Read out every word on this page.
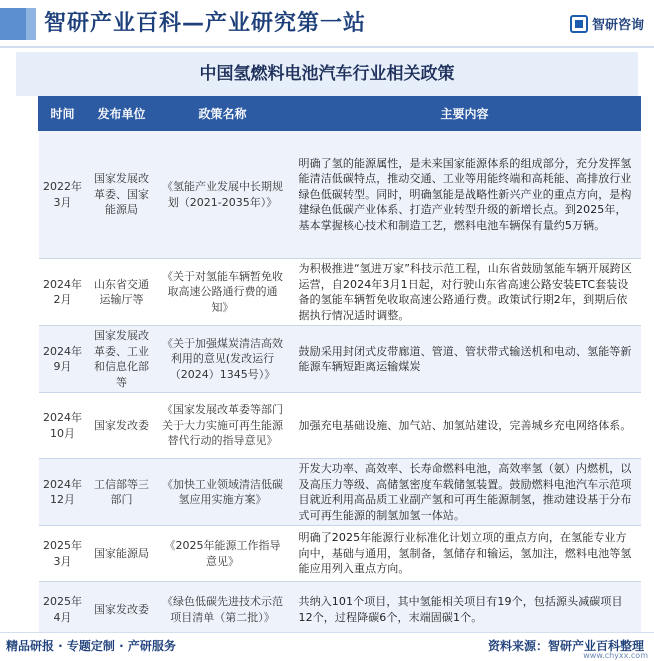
智研产业百科—产业研究第一站	智研咨询
中国氢燃料电池汽车行业相关政策
时间	发布单位	政策名称	主要内容
2022年3月	国家发展改革委、国家能源局	《氢能产业发展中长期规划（2021-2035年）》	明确了氢的能源属性，是未来国家能源体系的组成部分，充分发挥氢能清洁低碳特点，推动交通、工业等用能终端和高耗能、高排放行业绿色低碳转型。同时，明确氢能是战略性新兴产业的重点方向，是构建绿色低碳产业体系、打造产业转型升级的新增长点。到2025年，基本掌握核心技术和制造工艺，燃料电池车辆保有量约5万辆。
2024年2月	山东省交通运输厅等	《关于对氢能车辆暂免收取高速公路通行费的通知》	为积极推进“氢进万家”科技示范工程，山东省鼓励氢能车辆开展跨区运营，自2024年3月1日起，对行驶山东省高速公路安装ETC套装设备的氢能车辆暂免收取高速公路通行费。政策试行期2年，到期后依据执行情况适时调整。
2024年9月	国家发展改革委、工业和信息化部等	《关于加强煤炭清洁高效利用的意见(发改运行（2024）1345号）》	鼓励采用封闭式皮带廊道、管道、管状带式输送机和电动、氢能等新能源车辆短距离运输煤炭
2024年10月	国家发改委	《国家发展改革委等部门关于大力实施可再生能源替代行动的指导意见》	加强充电基础设施、加气站、加氢站建设，完善城乡充电网络体系。
2024年12月	工信部等三部门	《加快工业领域清洁低碳氢应用实施方案》	开发大功率、高效率、长寿命燃料电池，高效率氢（氨）内燃机，以及高压力等级、高储氢密度车载储氢装置。鼓励燃料电池汽车示范项目就近利用高品质工业副产氢和可再生能源制氢，推动建设基于分布式可再生能源的制氢加氢一体站。
2025年3月	国家能源局	《2025年能源工作指导意见》	明确了2025年能源行业标准化计划立项的重点方向，在氢能专业方向中，基础与通用，氢制备，氢储存和输运，氢加注，燃料电池等氢能应用列入重点方向。
2025年4月	国家发改委	《绿色低碳先进技术示范项目清单（第二批）》	共纳入101个项目，其中氢能相关项目有19个，包括源头减碳项目12个，过程降碳6个，末端固碳1个。
精品研报 · 专题定制 · 产研服务	资料来源：智研产业百科整理
www.chyxx.com
